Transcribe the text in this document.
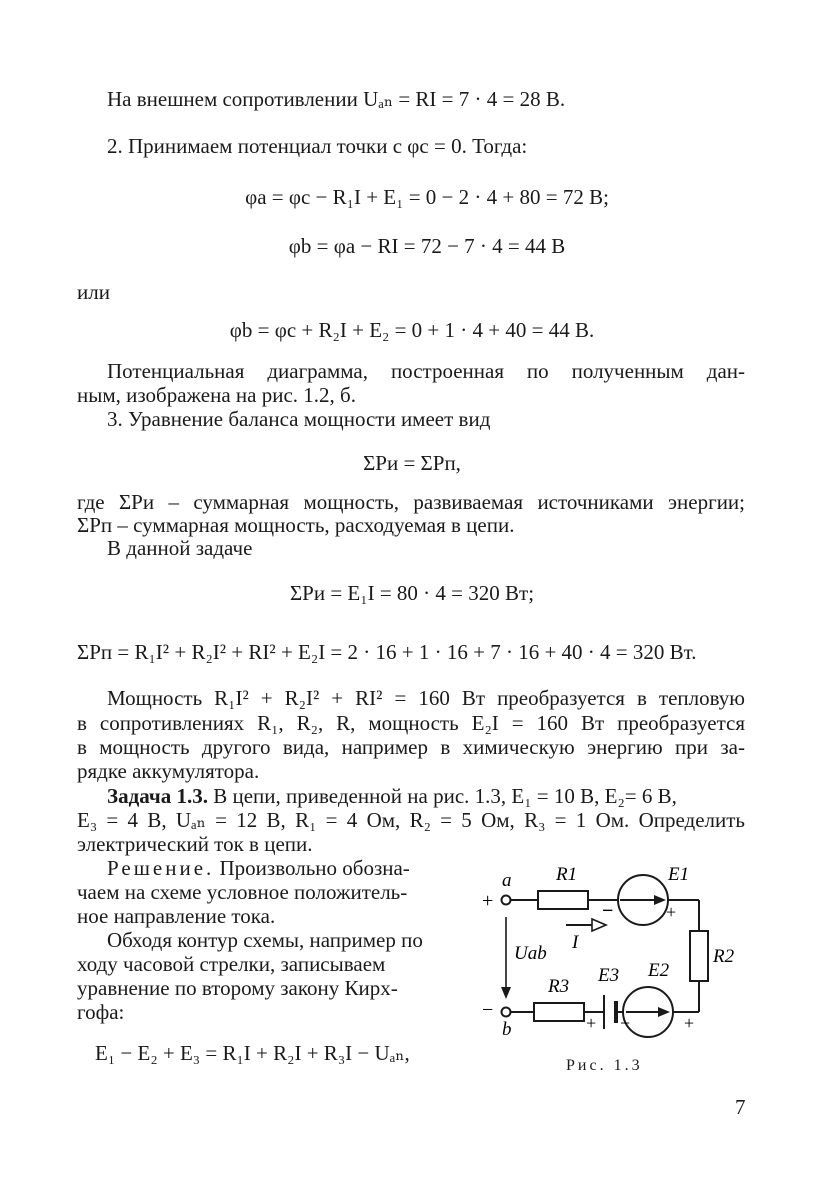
На внешнем сопротивлении Uₐₙ = RI = 7 · 4 = 28 В.
2. Принимаем потенциал точки c φc = 0. Тогда:
φa = φc − R₁I + E₁ = 0 − 2 · 4 + 80 = 72 В;
φb = φa − RI = 72 − 7 · 4 = 44 В
или
φb = φc + R₂I + E₂ = 0 + 1 · 4 + 40 = 44 В.
Потенциальная диаграмма, построенная по полученным дан-
ным, изображена на рис. 1.2, б.
3. Уравнение баланса мощности имеет вид
ΣPи = ΣPп,
где ΣPи – суммарная мощность, развиваемая источниками энергии;
ΣPп – суммарная мощность, расходуемая в цепи.
В данной задаче
ΣPи = E₁I = 80 · 4 = 320 Вт;
ΣPп = R₁I² + R₂I² + RI² + E₂I = 2 · 16 + 1 · 16 + 7 · 16 + 40 · 4 = 320 Вт.
Мощность R₁I² + R₂I² + RI² = 160 Вт преобразуется в тепловую
в сопротивлениях R₁, R₂, R, мощность E₂I = 160 Вт преобразуется
в мощность другого вида, например в химическую энергию при за-
рядке аккумулятора.
Задача 1.3. В цепи, приведенной на рис. 1.3, E₁ = 10 В, E₂= 6 В,
E₃ = 4 В, Uₐₙ = 12 В, R₁ = 4 Ом, R₂ = 5 Ом, R₃ = 1 Ом. Определить
электрический ток в цепи.
Решение. Произвольно обозна-
чаем на схеме условное положитель-
ное направление тока.
Обходя контур схемы, например по
ходу часовой стрелки, записываем
уравнение по второму закону Кирх-
гофа:
E₁ − E₂ + E₃ = R₁I + R₂I + R₃I − Uₐₙ,
a
+
R1	E1
−	+
I
Uab	R2
E3 E2
R3
−
b	+ −	+
Рис. 1.3
7
